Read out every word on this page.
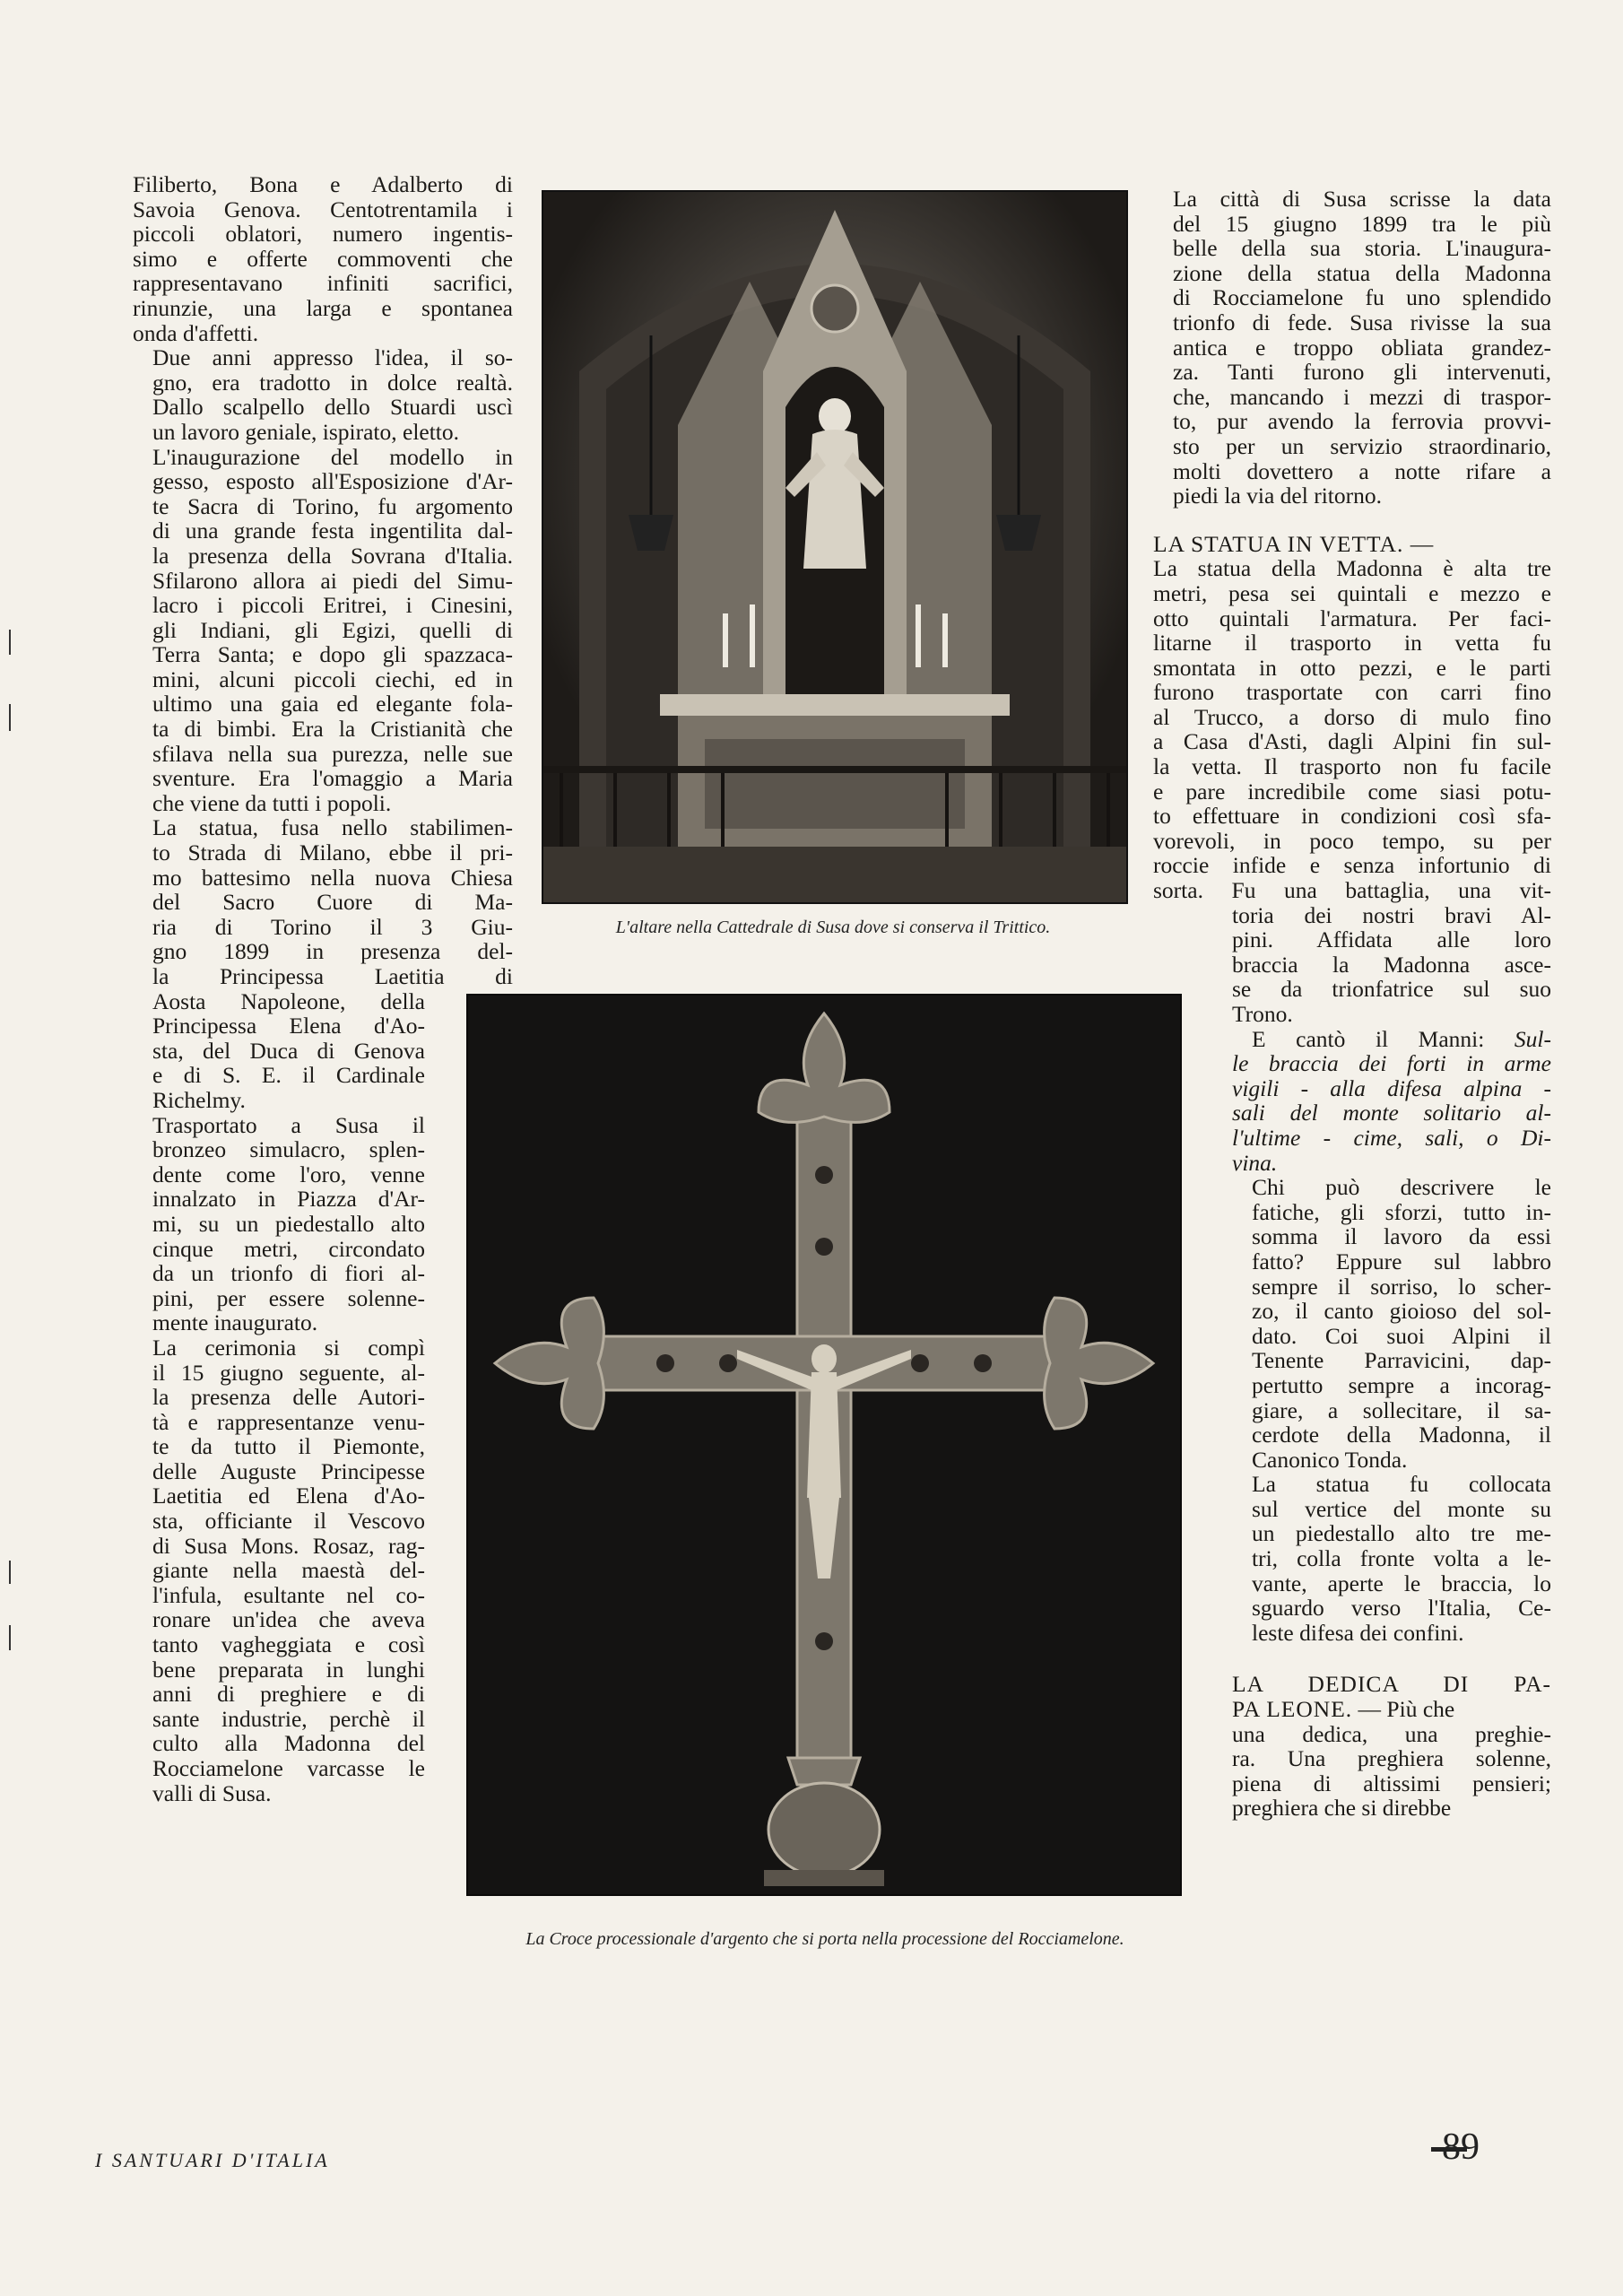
Filiberto, Bona e Adalberto di
Savoia Genova. Centotrentamila i
piccoli oblatori, numero ingentis-
simo e offerte commoventi che
rappresentavano infiniti sacrifici,
rinunzie, una larga e spontanea
onda d'affetti.

Due anni appresso l'idea, il so-
gno, era tradotto in dolce realtà.
Dallo scalpello dello Stuardi uscì
un lavoro geniale, ispirato, eletto.

L'inaugurazione del modello in
gesso, esposto all'Esposizione d'Ar-
te Sacra di Torino, fu argomento
di una grande festa ingentilita dal-
la presenza della Sovrana d'Italia.
Sfilarono allora ai piedi del Simu-
lacro i piccoli Eritrei, i Cinesini,
gli Indiani, gli Egizi, quelli di
Terra Santa; e dopo gli spazzaca-
mini, alcuni piccoli ciechi, ed in
ultimo una gaia ed elegante fola-
ta di bimbi. Era la Cristianità che
sfilava nella sua purezza, nelle sue
sventure. Era l'omaggio a Maria
che viene da tutti i popoli.

La statua, fusa nello stabilimen-
to Strada di Milano, ebbe il pri-
mo battesimo nella nuova Chiesa
del Sacro Cuore di Ma-
ria di Torino il 3 Giu-
gno 1899 in presenza del-
la Principessa Laetitia di
Aosta Napoleone, della
Principessa Elena d'Ao-
sta, del Duca di Genova
e di S. E. il Cardinale
Richelmy.

Trasportato a Susa il
bronzeo simulacro, splen-
dente come l'oro, venne
innalzato in Piazza d'Ar-
mi, su un piedestallo alto
cinque metri, circondato
da un trionfo di fiori al-
pini, per essere solenne-
mente inaugurato.

La cerimonia si compì
il 15 giugno seguente, al-
la presenza delle Autori-
tà e rappresentanze venu-
te da tutto il Piemonte,
delle Auguste Principesse
Laetitia ed Elena d'Ao-
sta, officiante il Vescovo
di Susa Mons. Rosaz, rag-
giante nella maestà del-
l'infula, esultante nel co-
ronare un'idea che aveva
tanto vagheggiata e così
bene preparata in lunghi
anni di preghiere e di
sante industrie, perchè il
culto alla Madonna del
Rocciamelone varcasse le
valli di Susa.

L'altare nella Cattedrale di Susa dove si conserva il Trittico.
La Croce processionale d'argento che si porta nella processione del Rocciamelone.

La città di Susa scrisse la data
del 15 giugno 1899 tra le più
belle della sua storia. L'inaugura-
zione della statua della Madonna
di Rocciamelone fu uno splendido
trionfo di fede. Susa rivisse la sua
antica e troppo obliata grandez-
za. Tanti furono gli intervenuti,
che, mancando i mezzi di traspor-
to, pur avendo la ferrovia provvi-
sto per un servizio straordinario,
molti dovettero a notte rifare a
piedi la via del ritorno.

LA STATUA IN VETTA. —

La statua della Madonna è alta tre
metri, pesa sei quintali e mezzo e
otto quintali l'armatura. Per faci-
litarne il trasporto in vetta fu
smontata in otto pezzi, e le parti
furono trasportate con carri fino
al Trucco, a dorso di mulo fino
a Casa d'Asti, dagli Alpini fin sul-
la vetta. Il trasporto non fu facile
e pare incredibile come siasi potu-
to effettuare in condizioni così sfa-
vorevoli, in poco tempo, su per
roccie infide e senza infortunio di
sorta. Fu una battaglia, una vit-
toria dei nostri bravi Al-
pini. Affidata alle loro
braccia la Madonna asce-
se da trionfatrice sul suo
Trono.

E cantò il Manni: Sul-
le braccia dei forti in arme
vigili - alla difesa alpina -
sali del monte solitario al-
l'ultime - cime, sali, o Di-
vina.

Chi può descrivere le
fatiche, gli sforzi, tutto in-
somma il lavoro da essi
fatto? Eppure sul labbro
sempre il sorriso, lo scher-
zo, il canto gioioso del sol-
dato. Coi suoi Alpini il
Tenente Parravicini, dap-
pertutto sempre a incorag-
giare, a sollecitare, il sa-
cerdote della Madonna, il
Canonico Tonda.

La statua fu collocata
sul vertice del monte su
un piedestallo alto tre me-
tri, colla fronte volta a le-
vante, aperte le braccia, lo
sguardo verso l'Italia, Ce-
leste difesa dei confini.

LA DEDICA DI PA-
PA LEONE. — Più che

una dedica, una preghie-
ra. Una preghiera solenne,
piena di altissimi pensieri;
preghiera che si direbbe

I SANTUARI D'ITALIA	89
